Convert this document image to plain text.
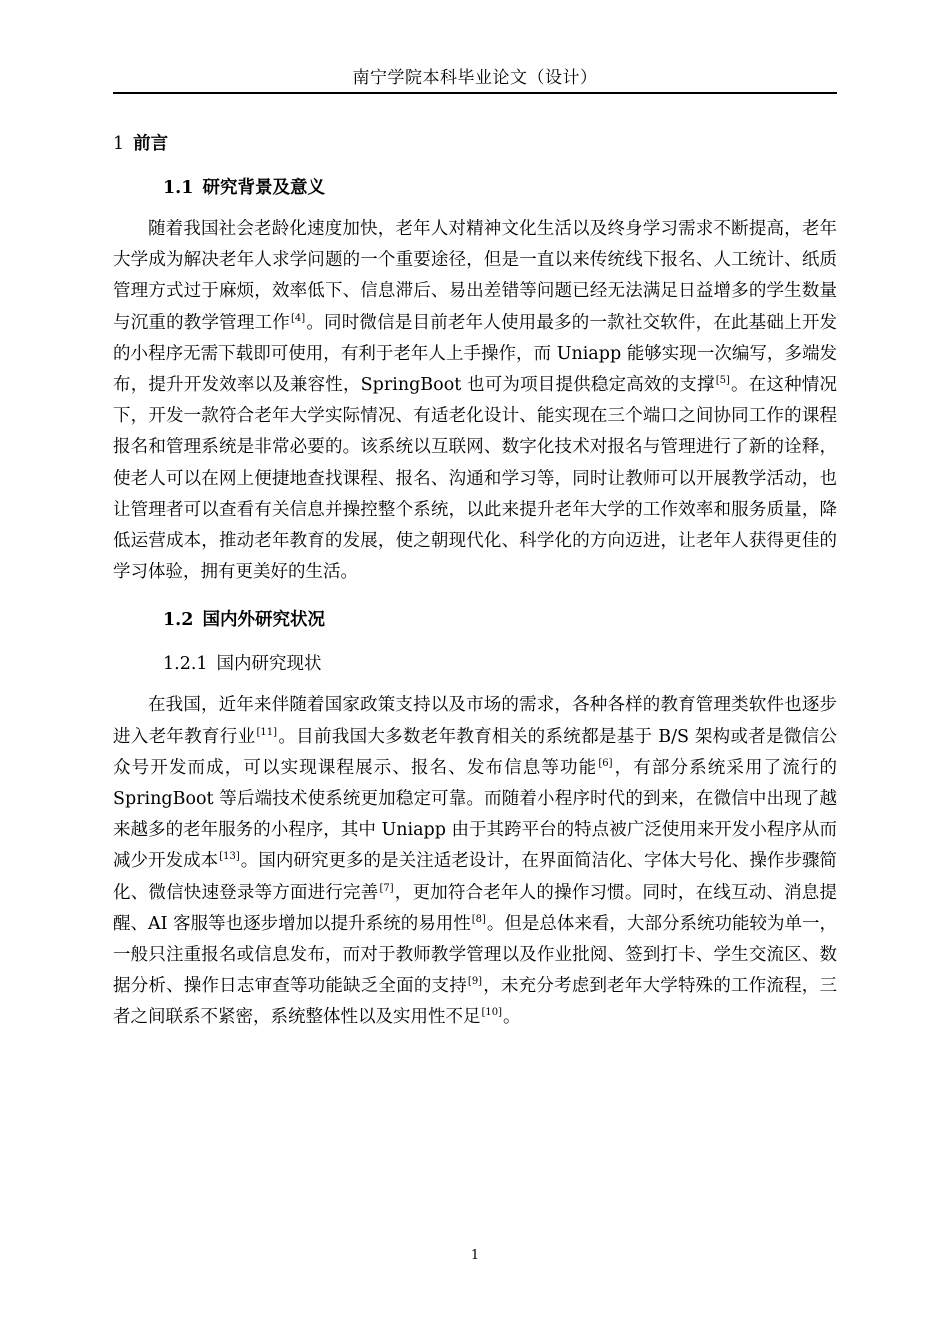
南宁学院本科毕业论文（设计）
1 前言
1.1 研究背景及意义

随着我国社会老龄化速度加快，老年人对精神文化生活以及终身学习需求不断提高，老年大学成为解决老年人求学问题的一个重要途径，但是一直以来传统线下报名、人工统计、纸质管理方式过于麻烦，效率低下、信息滞后、易出差错等问题已经无法满足日益增多的学生数量与沉重的教学管理工作[4]。同时微信是目前老年人使用最多的一款社交软件，在此基础上开发的小程序无需下载即可使用，有利于老年人上手操作，而 Uniapp 能够实现一次编写，多端发布，提升开发效率以及兼容性，SpringBoot 也可为项目提供稳定高效的支撑[5]。在这种情况下，开发一款符合老年大学实际情况、有适老化设计、能实现在三个端口之间协同工作的课程报名和管理系统是非常必要的。该系统以互联网、数字化技术对报名与管理进行了新的诠释，使老人可以在网上便捷地查找课程、报名、沟通和学习等，同时让教师可以开展教学活动，也让管理者可以查看有关信息并操控整个系统，以此来提升老年大学的工作效率和服务质量，降低运营成本，推动老年教育的发展，使之朝现代化、科学化的方向迈进，让老年人获得更佳的学习体验，拥有更美好的生活。

1.2 国内外研究状况
1.2.1 国内研究现状

在我国，近年来伴随着国家政策支持以及市场的需求，各种各样的教育管理类软件也逐步进入老年教育行业[11]。目前我国大多数老年教育相关的系统都是基于 B/S 架构或者是微信公众号开发而成，可以实现课程展示、报名、发布信息等功能[6]，有部分系统采用了流行的 SpringBoot 等后端技术使系统更加稳定可靠。而随着小程序时代的到来，在微信中出现了越来越多的老年服务的小程序，其中 Uniapp 由于其跨平台的特点被广泛使用来开发小程序从而减少开发成本[13]。国内研究更多的是关注适老设计，在界面简洁化、字体大号化、操作步骤简化、微信快速登录等方面进行完善[7]，更加符合老年人的操作习惯。同时，在线互动、消息提醒、AI 客服等也逐步增加以提升系统的易用性[8]。但是总体来看，大部分系统功能较为单一，一般只注重报名或信息发布，而对于教师教学管理以及作业批阅、签到打卡、学生交流区、数据分析、操作日志审查等功能缺乏全面的支持[9]，未充分考虑到老年大学特殊的工作流程，三者之间联系不紧密，系统整体性以及实用性不足[10]。

1
